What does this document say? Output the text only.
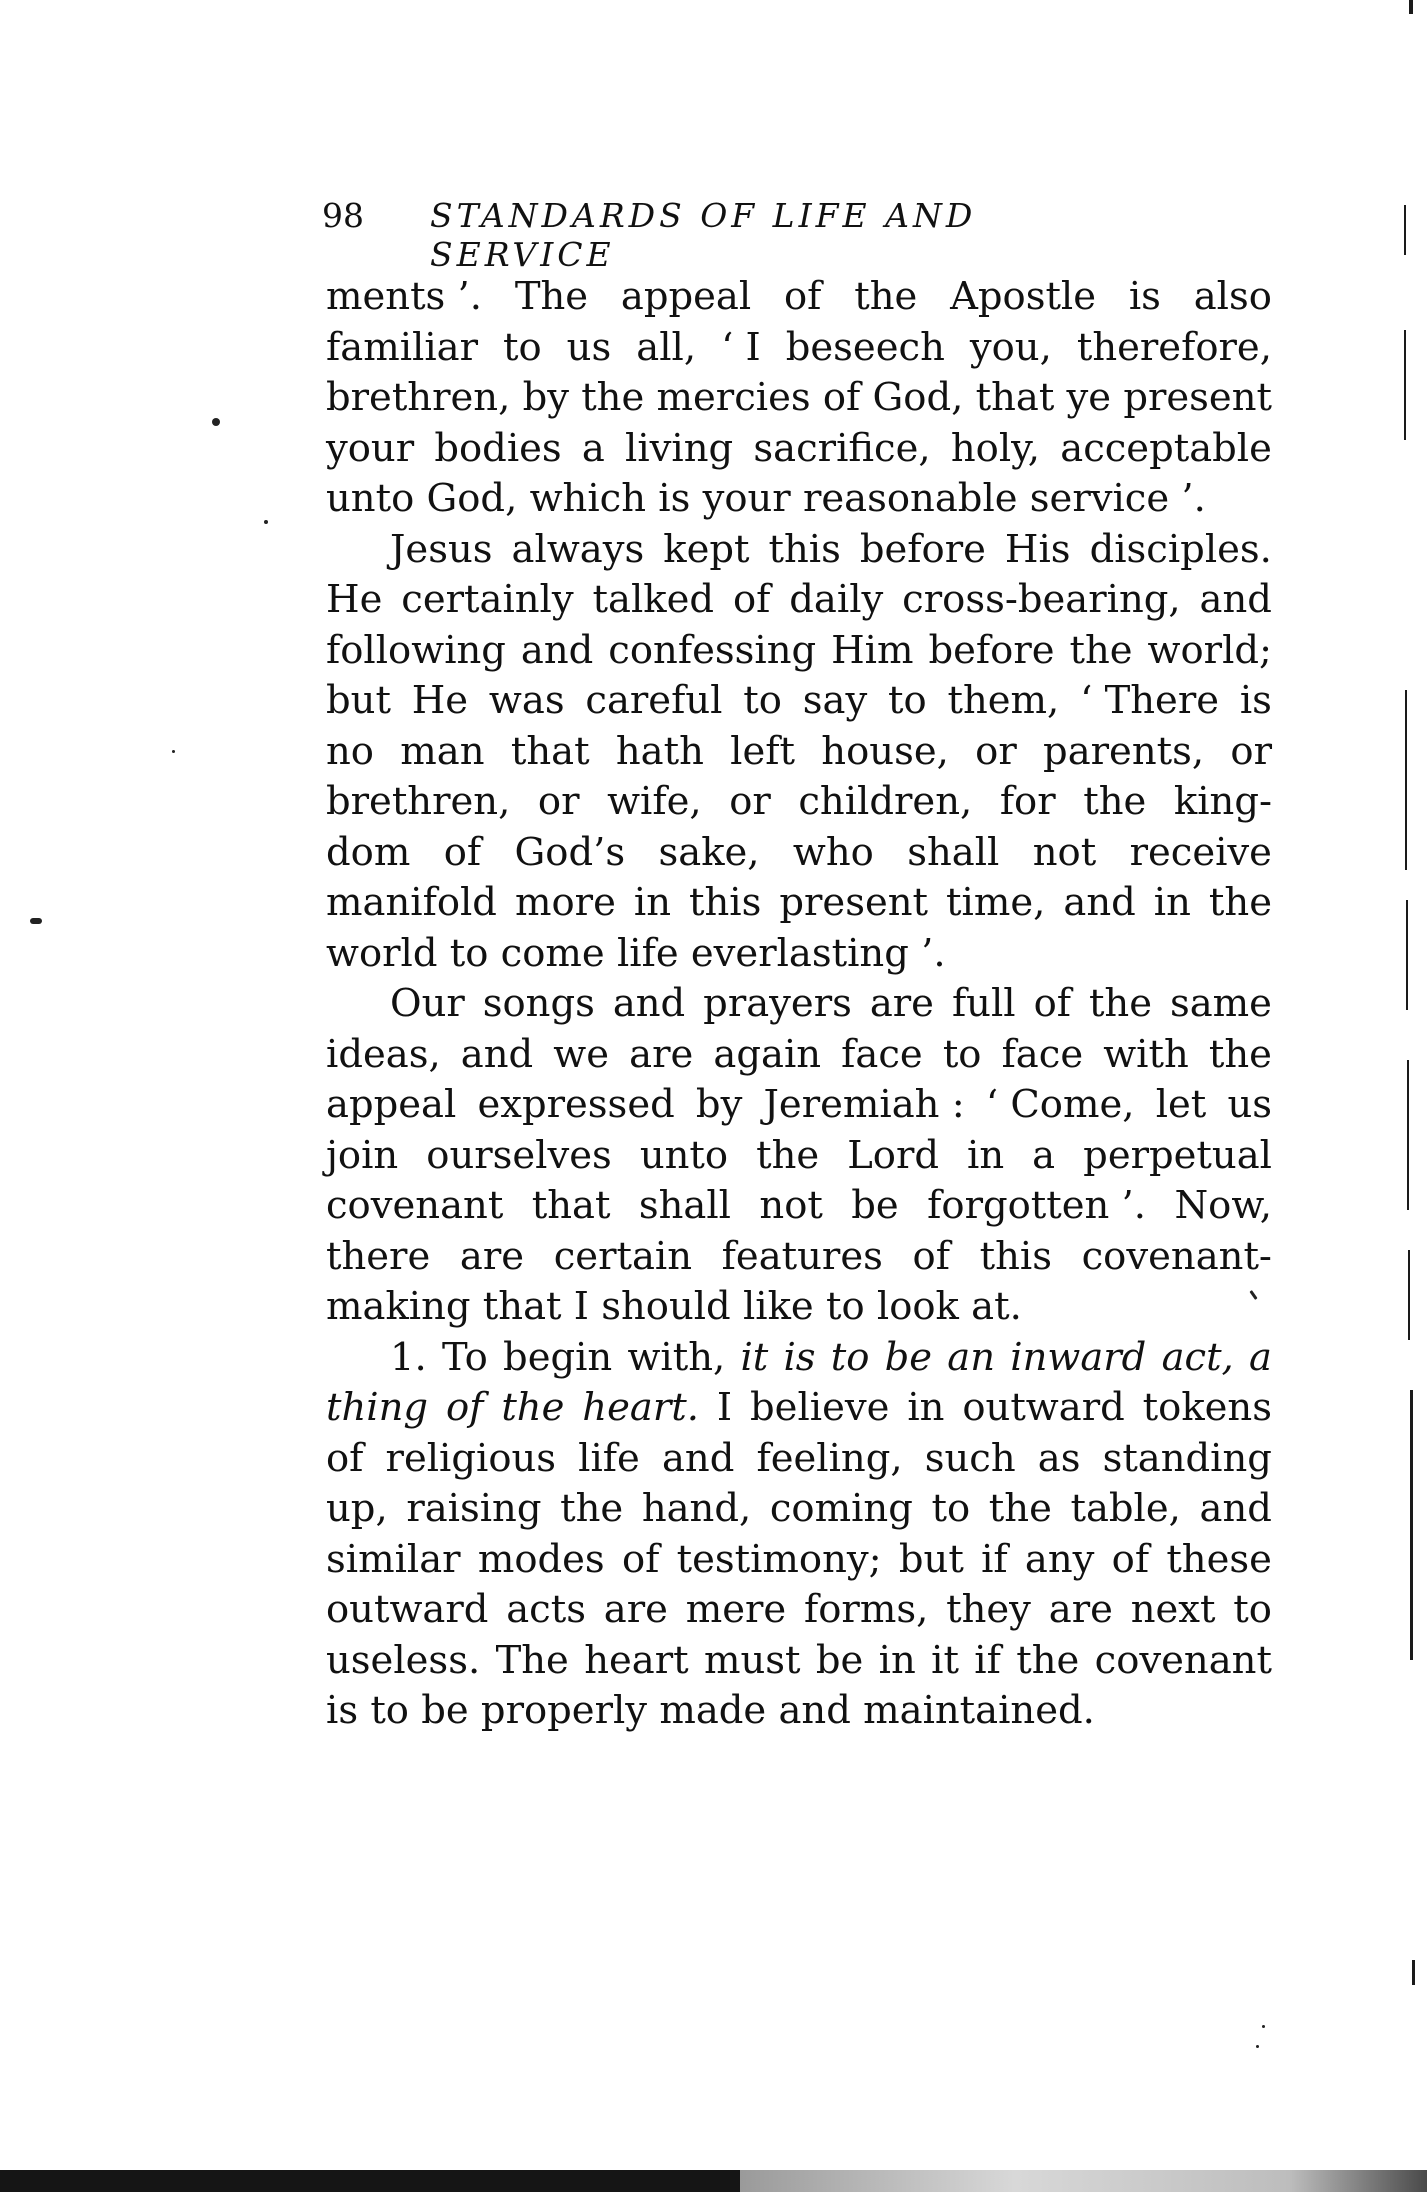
98	STANDARDS OF LIFE AND SERVICE
ments ’. The appeal of the Apostle is also
familiar to us all, ‘ I beseech you, therefore,
brethren, by the mercies of God, that ye present
your bodies a living sacrifice, holy, acceptable
unto
God,
which
is
your
reasonable
service ’.
Jesus always kept this before His disciples.
He certainly talked of daily cross-bearing, and
following and confessing Him before the world;
but He was careful to say to them, ‘ There is
no man that hath left house, or parents, or
brethren, or wife, or children, for the king-
dom of God’s sake, who shall not receive
manifold more in this present time, and in the
world
to
come
life
everlasting ’.
Our songs and prayers are full of the same
ideas, and we are again face to face with the
appeal expressed by Jeremiah : ‘ Come, let us
join ourselves unto the Lord in a perpetual
covenant that shall not be forgotten ’. Now,
there are certain features of this covenant-
making
that
I
should
like
to
look
at.
1. To begin with, it is to be an inward act, a
thing of the heart. I believe in outward tokens
of religious life and feeling, such as standing
up, raising the hand, coming to the table, and
similar modes of testimony; but if any of these
outward acts are mere forms, they are next to
useless. The heart must be in it if the covenant
is
to
be
properly
made
and
maintained.
